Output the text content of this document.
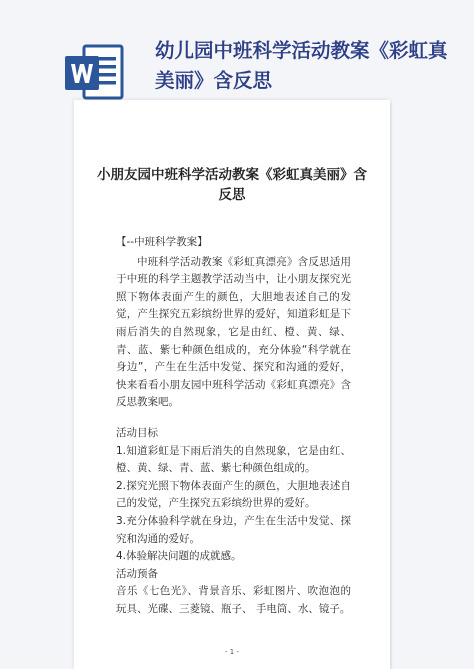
幼儿园中班科学活动教案《彩虹真美丽》含反思
小朋友园中班科学活动教案《彩虹真美丽》含反思

【--中班科学教案】

中班科学活动教案《彩虹真漂亮》含反思适用于中班的科学主题教学活动当中，让小朋友探究光照下物体表面产生的颜色，大胆地表述自己的发觉，产生探究五彩缤纷世界的爱好，知道彩虹是下雨后消失的自然现象，它是由红、橙、黄、绿、青、蓝、紫七种颜色组成的，充分体验“科学就在身边”，产生在生活中发觉、探究和沟通的爱好，快来看看小朋友园中班科学活动《彩虹真漂亮》含反思教案吧。

活动目标

1.知道彩虹是下雨后消失的自然现象，它是由红、橙、黄、绿、青、蓝、紫七种颜色组成的。

2.探究光照下物体表面产生的颜色，大胆地表述自己的发觉，产生探究五彩缤纷世界的爱好。

3.充分体验科学就在身边，产生在生活中发觉、探究和沟通的爱好。

4.体验解决问题的成就感。

活动预备

音乐《七色光》、背景音乐、彩虹图片、吹泡泡的玩具、光碟、三菱镜、瓶子、 手电筒、水、镜子。

- 1 -
